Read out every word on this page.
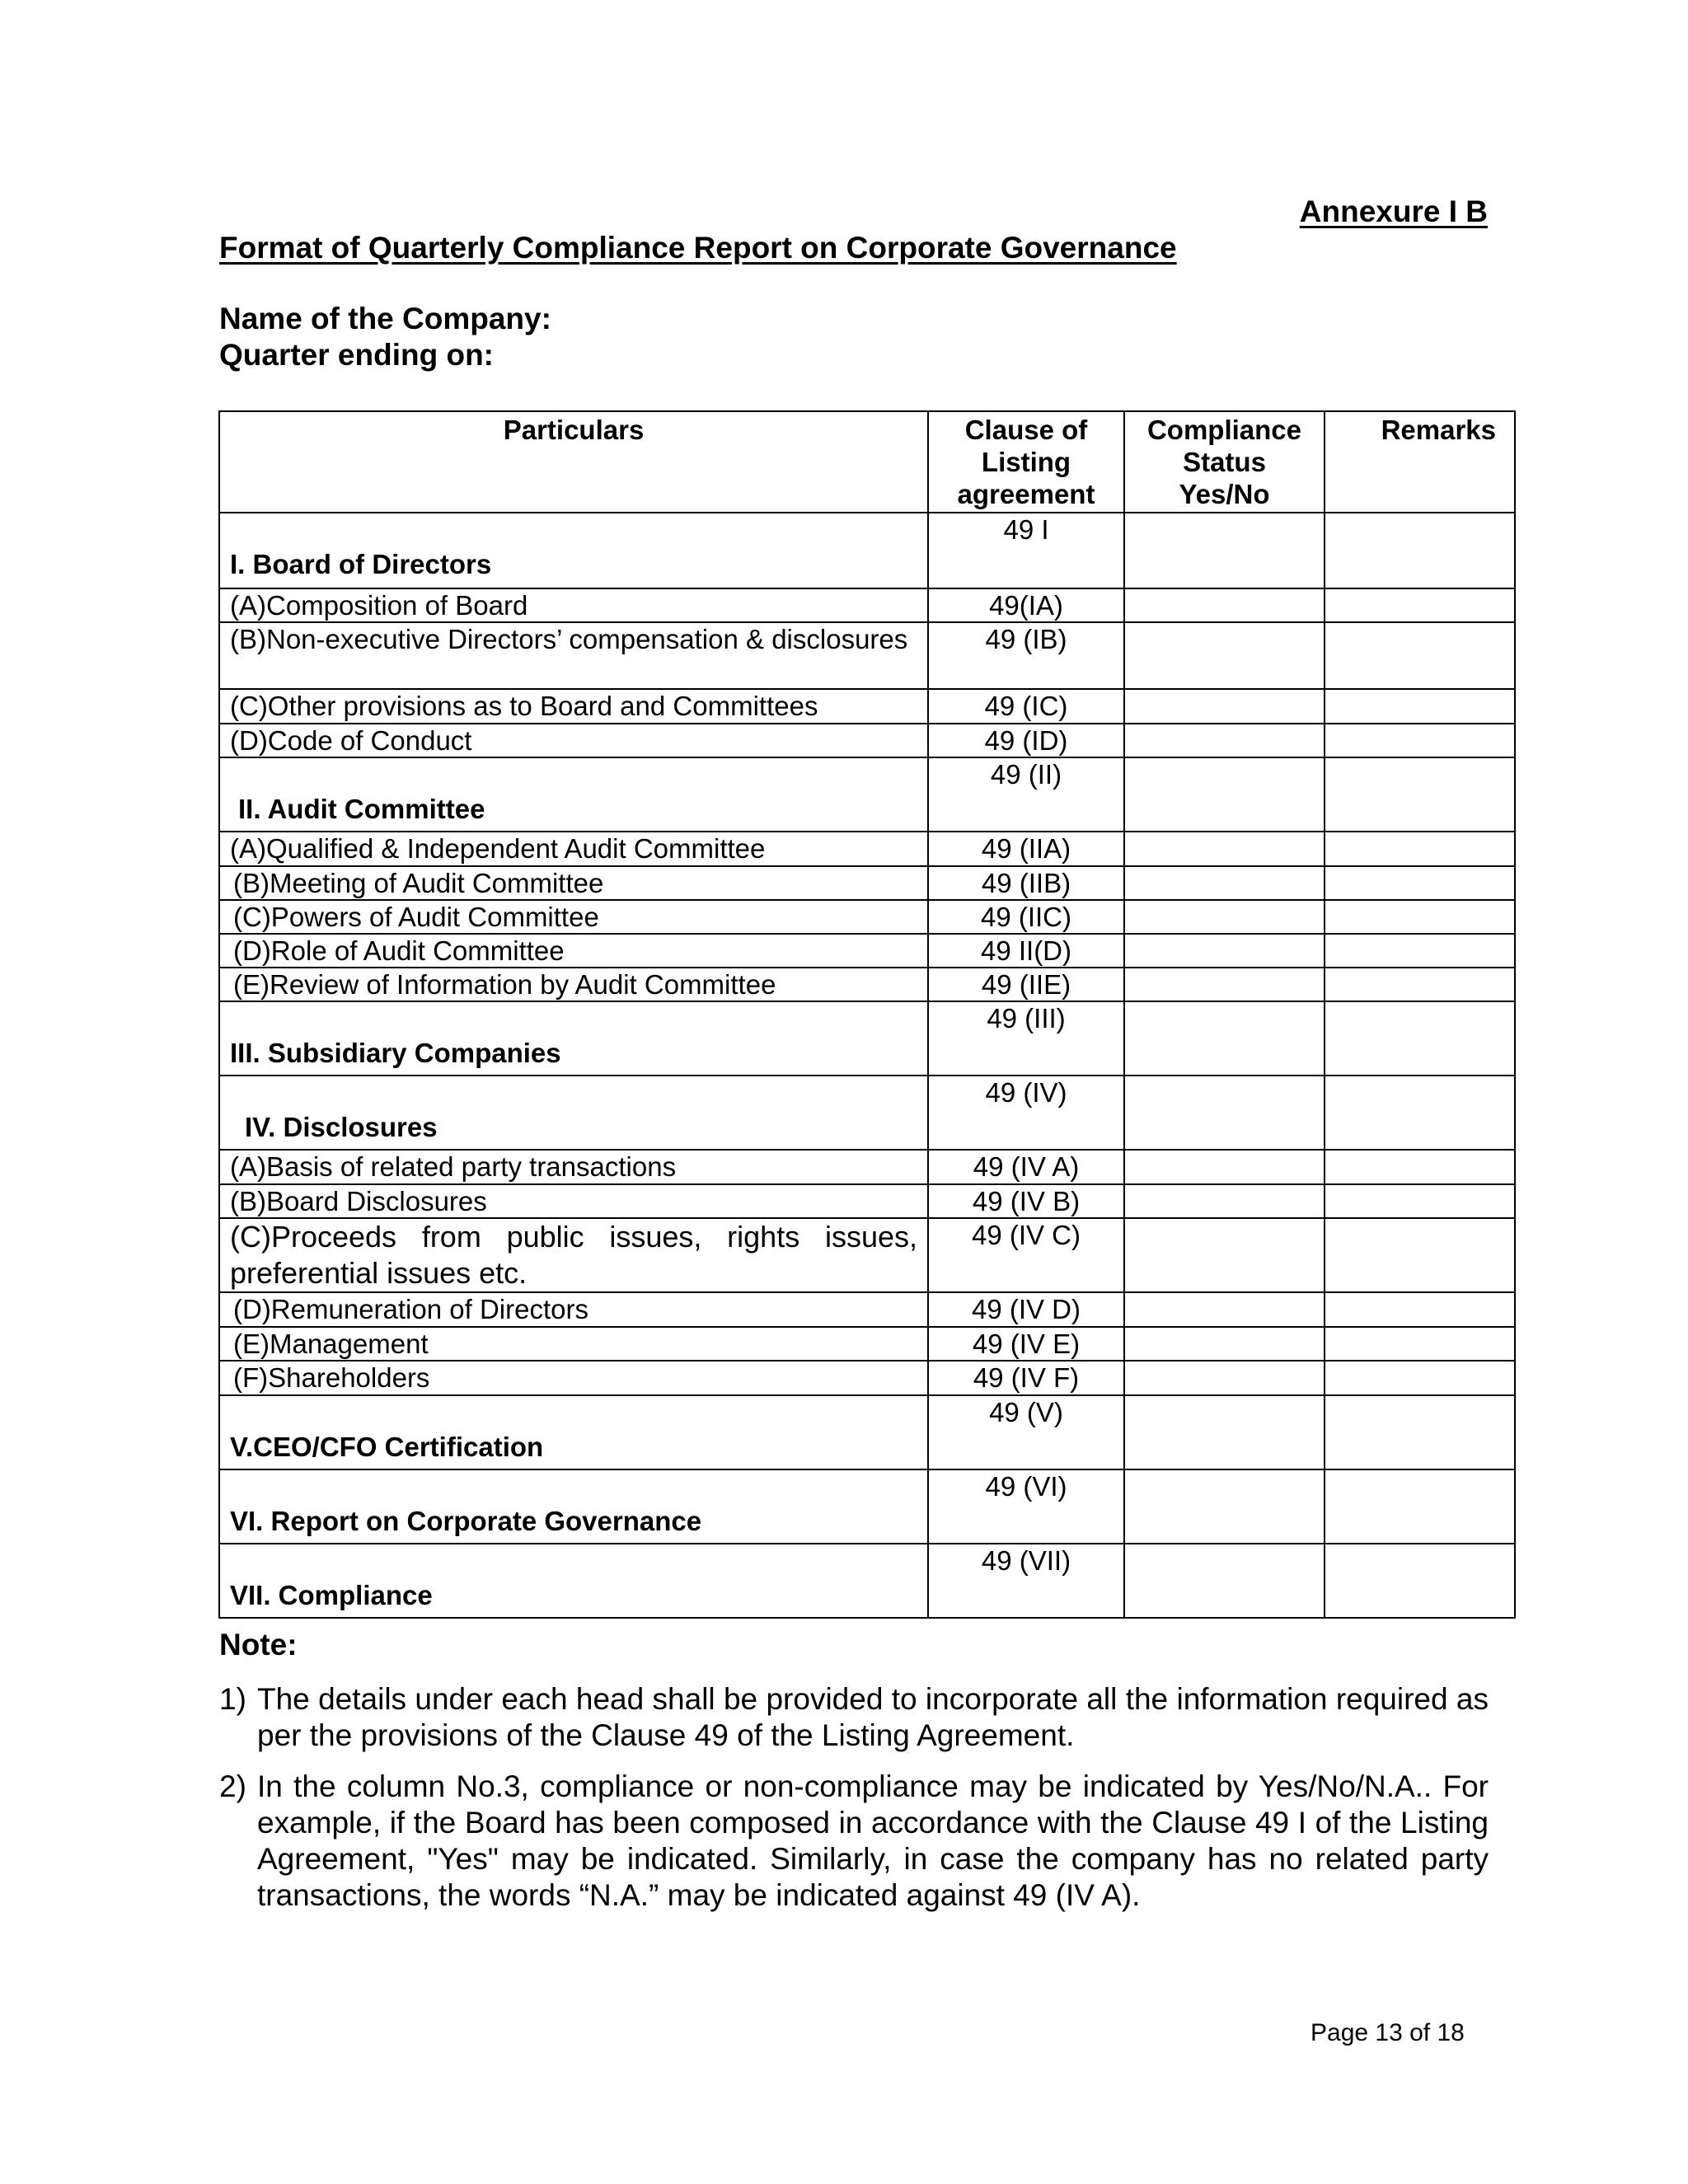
Annexure I B
Format of Quarterly Compliance Report on Corporate Governance
Name of the Company:
Quarter ending on:
Particulars	Clause of Listing agreement	Compliance Status Yes/No	Remarks

I. Board of Directors	49 I		
(A)Composition of Board	49(IA)		
(B)Non-executive Directors’ compensation & disclosures	49 (IB)		
(C)Other provisions as to Board and Committees	49 (IC)		
(D)Code of Conduct	49 (ID)		

II. Audit Committee	49 (II)		
(A)Qualified & Independent Audit Committee	49 (IIA)		
(B)Meeting of Audit Committee	49 (IIB)		
(C)Powers of Audit Committee	49 (IIC)		
(D)Role of Audit Committee	49 II(D)		
(E)Review of Information by Audit Committee	49 (IIE)		

III. Subsidiary Companies	49 (III)		

IV. Disclosures	49 (IV)		
(A)Basis of related party transactions	49 (IV A)		
(B)Board Disclosures	49 (IV B)		
(C)Proceeds from public issues, rights issues, preferential issues etc.	49 (IV C)		
(D)Remuneration of Directors	49 (IV D)		
(E)Management	49 (IV E)		
(F)Shareholders	49 (IV F)		

V.CEO/CFO Certification	49 (V)		

VI. Report on Corporate Governance	49 (VI)		

VII. Compliance	49 (VII)		
Note:
1) The details under each head shall be provided to incorporate all the information required as per the provisions of the Clause 49 of the Listing Agreement.
2) In the column No.3, compliance or non-compliance may be indicated by Yes/No/N.A.. For example, if the Board has been composed in accordance with the Clause 49 I of the Listing Agreement, "Yes" may be indicated. Similarly, in case the company has no related party transactions, the words “N.A.” may be indicated against 49 (IV A).
Page 13 of 18
